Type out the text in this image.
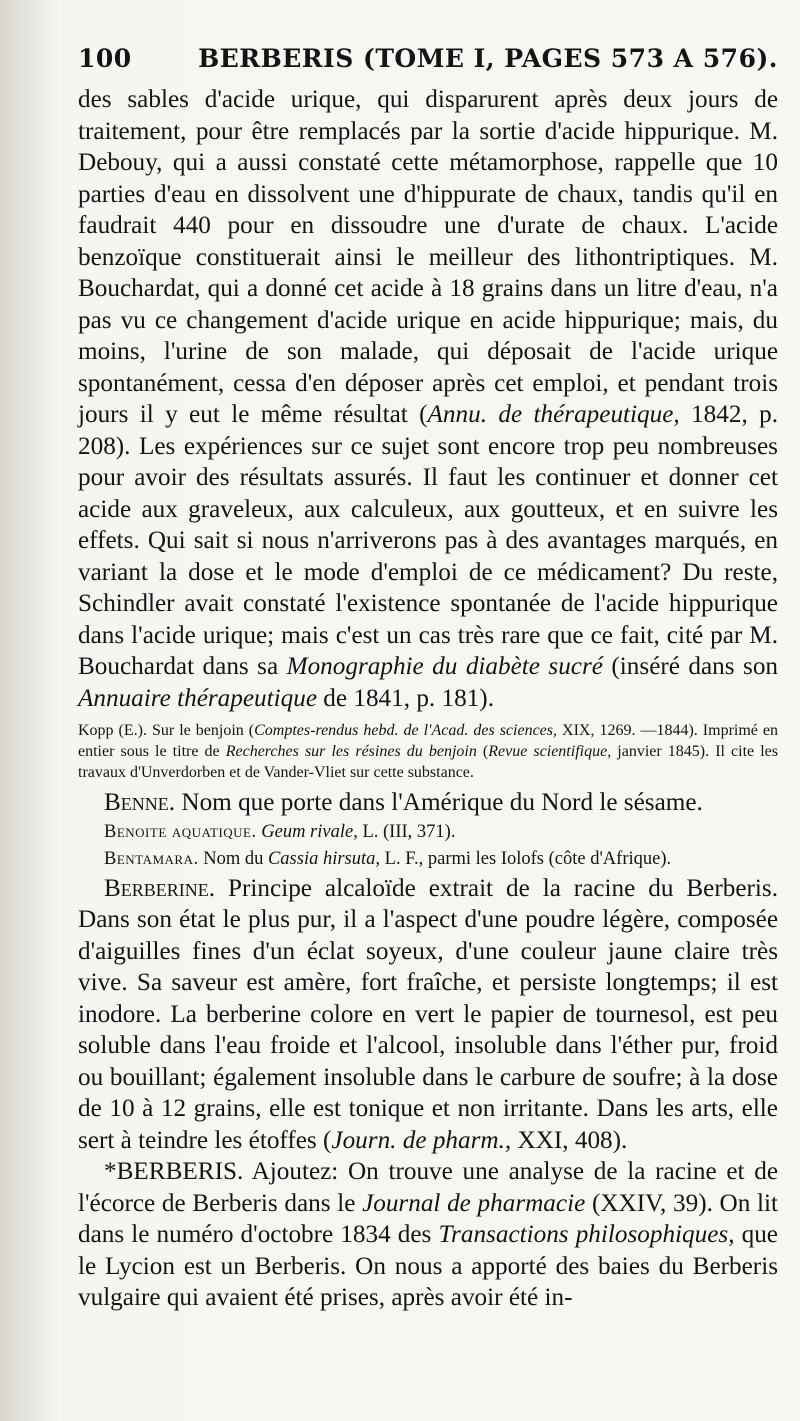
100	BERBERIS (TOME I, PAGES 573 A 576).

des sables d'acide urique, qui disparurent après deux jours de traitement, pour être remplacés par la sortie d'acide hippurique. M. Debouy, qui a aussi constaté cette métamorphose, rappelle que 10 parties d'eau en dissolvent une d'hippurate de chaux, tandis qu'il en faudrait 440 pour en dissoudre une d'urate de chaux. L'acide benzoïque constituerait ainsi le meilleur des lithontriptiques. M. Bouchardat, qui a donné cet acide à 18 grains dans un litre d'eau, n'a pas vu ce changement d'acide urique en acide hippurique; mais, du moins, l'urine de son malade, qui déposait de l'acide urique spontanément, cessa d'en déposer après cet emploi, et pendant trois jours il y eut le même résultat (Annu. de thérapeutique, 1842, p. 208). Les expériences sur ce sujet sont encore trop peu nombreuses pour avoir des résultats assurés. Il faut les continuer et donner cet acide aux graveleux, aux calculeux, aux goutteux, et en suivre les effets. Qui sait si nous n'arriverons pas à des avantages marqués, en variant la dose et le mode d'emploi de ce médicament? Du reste, Schindler avait constaté l'existence spontanée de l'acide hippurique dans l'acide urique; mais c'est un cas très rare que ce fait, cité par M. Bouchardat dans sa Monographie du diabète sucré (inséré dans son Annuaire thérapeutique de 1841, p. 181).

Kopp (E.). Sur le benjoin (Comptes-rendus hebd. de l'Acad. des sciences, XIX, 1269. —1844). Imprimé en entier sous le titre de Recherches sur les résines du benjoin (Revue scientifique, janvier 1845). Il cite les travaux d'Unverdorben et de Vander-Vliet sur cette substance.

Benne. Nom que porte dans l'Amérique du Nord le sésame.

Benoite aquatique. Geum rivale, L. (III, 371).

Bentamara. Nom du Cassia hirsuta, L. F., parmi les Iolofs (côte d'Afrique).

Berberine. Principe alcaloïde extrait de la racine du Berberis. Dans son état le plus pur, il a l'aspect d'une poudre légère, composée d'aiguilles fines d'un éclat soyeux, d'une couleur jaune claire très vive. Sa saveur est amère, fort fraîche, et persiste longtemps; il est inodore. La berberine colore en vert le papier de tournesol, est peu soluble dans l'eau froide et l'alcool, insoluble dans l'éther pur, froid ou bouillant; également insoluble dans le carbure de soufre; à la dose de 10 à 12 grains, elle est tonique et non irritante. Dans les arts, elle sert à teindre les étoffes (Journ. de pharm., XXI, 408).

*BERBERIS. Ajoutez: On trouve une analyse de la racine et de l'écorce de Berberis dans le Journal de pharmacie (XXIV, 39). On lit dans le numéro d'octobre 1834 des Transactions philosophiques, que le Lycion est un Berberis. On nous a apporté des baies du Berberis vulgaire qui avaient été prises, après avoir été in-
